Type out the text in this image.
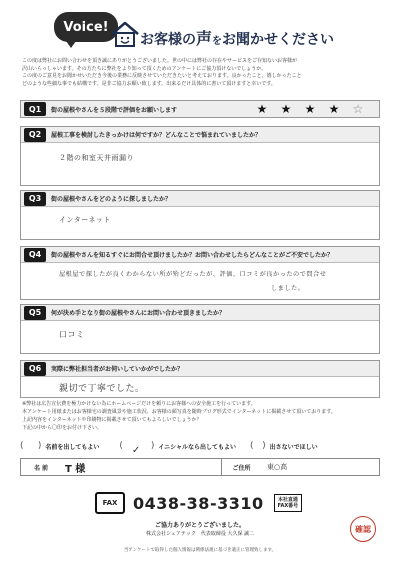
Voice!
お客様の声をお聞かせください
この度は弊社にお問い合わせを頂き誠にありがとうございました。世の中には弊社の存在やサービスをご存知ないお客様が
沢山いらっしゃいます。その方たちに弊社をより知って頂くためのアンケートにご協力頂けないでしょうか。
この度のご意見をお聞かせいただき今後の業務に反映させていただきたいと考えております。良かったこと、嬉しかったこと
どのような些細な事でも結構です。是非ご協力お願い致します。出来るだけ具体的に書いて頂けますと幸いです。
Q1	街の屋根やさんを５段階で評価をお願いします	★ ★ ★ ★ ☆
Q2	屋根工事を検討したきっかけは何ですか？どんなことで悩まれていましたか？
２階の和室天井雨漏り
Q3	街の屋根やさんをどのように探しましたか？
インターネット
Q4	街の屋根やさんを知るすぐにお問合せ頂けましたか？お問い合わせしたらどんなことがご不安でしたか？
屋根屋で探したが良くわからない所が殆どだったが、評価、口コミが良かったので問合せ
しました。
Q5	何が決め手となり街の屋根やさんにお問い合わせ頂きましたか？
口コミ
Q6	実際に弊社担当者がお伺いしていかがでしたか？
親切で丁寧でした。
※弊社は広告宣伝費を極力かけない為にホームページだけを頼りにお客様への安全施工を行っています。
本アンケート用紙またはお客様宅の調査風景や施工状況、お客様の顔写真を随時ブログ形式でインターネットに掲載させて頂いております。
上記内容をインターネットや印刷物に掲載させて頂いてもよろしいでしょうか？
下記の中から〇印をお付け下さい。
(     ) 名前を出してもよい ( ✓ ) イニシャルなら出してもよい (   ) 出さないでほしい
名 前	T 様	ご住所	東○高
FAX 0438-38-3310	本社直通
FAX番号
ご協力ありがとうございました。
株式会社シェアテック　代表取締役 大久保 誠二
当アンケートで取得した個人情報は関係法規に基づき適正に管理致します。
確認
